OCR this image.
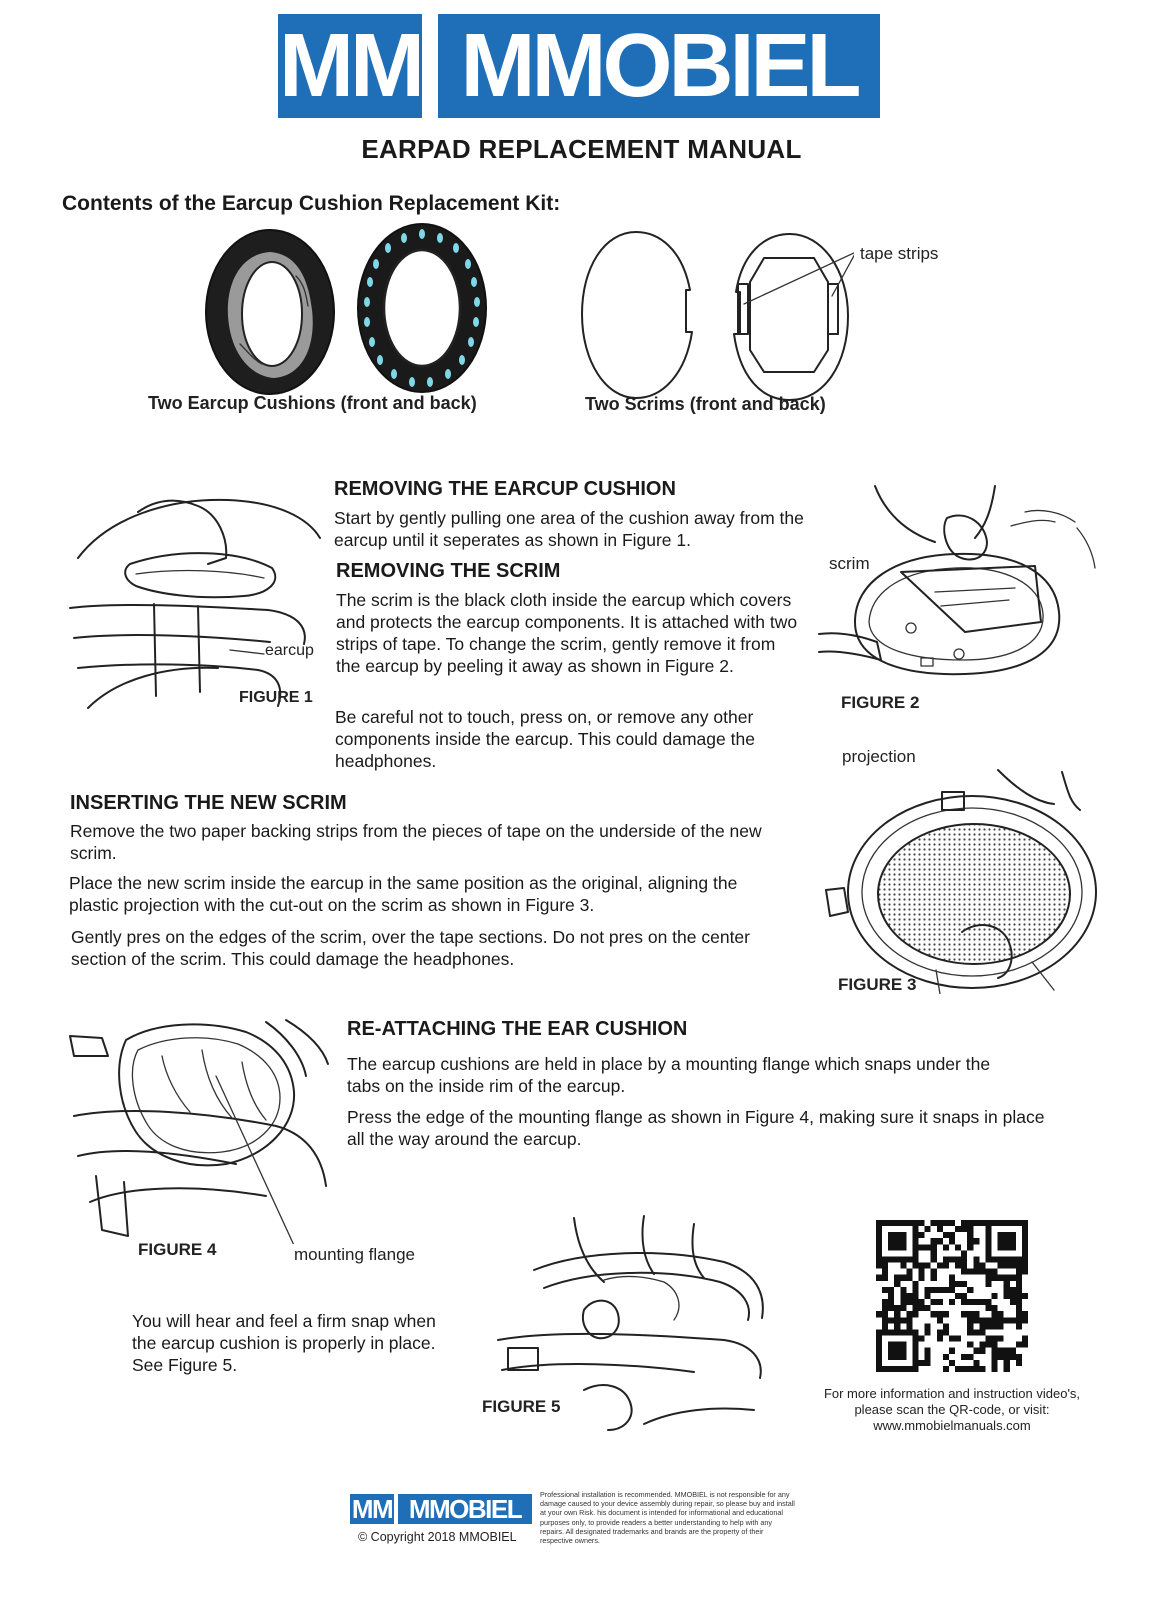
MM MMOBIEL
EARPAD REPLACEMENT MANUAL
Contents of the Earcup Cushion Replacement Kit:
Two Earcup Cushions (front and back)
tape strips
Two Scrims (front and back)
earcup
FIGURE 1
REMOVING THE EARCUP CUSHION

Start by gently pulling one area of the cushion away from the earcup until it seperates as shown in Figure 1.

REMOVING THE SCRIM

The scrim is the black cloth inside the earcup which covers and protects the earcup components. It is attached with two strips of tape. To change the scrim, gently remove it from the earcup by peeling it away as shown in Figure 2.

Be careful not to touch, press on, or remove any other components inside the earcup. This could damage the headphones.

scrim
FIGURE 2
INSERTING THE NEW SCRIM

Remove the two paper backing strips from the pieces of tape on the underside of the new scrim.

Place the new scrim inside the earcup in the same position as the original, aligning the plastic projection with the cut-out on the scrim as shown in Figure 3.

Gently pres on the edges of the scrim, over the tape sections. Do not pres on the center section of the scrim. This could damage the headphones.

projection
FIGURE 3
mounting flange
FIGURE 4
RE-ATTACHING THE EAR CUSHION

The earcup cushions are held in place by a mounting flange which snaps under the tabs on the inside rim of the earcup.

Press the edge of the mounting flange as shown in Figure 4, making sure it snaps in place all the way around the earcup.

You will hear and feel a firm snap when the earcup cushion is properly in place. See Figure 5.

FIGURE 5
For more information and instruction video's,
please scan the QR-code, or visit:
www.mmobielmanuals.com
MM MMOBIEL
© Copyright 2018 MMOBIEL
Professional installation is recommended. MMOBIEL is not responsible for any damage caused to your device assembly during repair, so please buy and install at your own Risk. his document is intended for informational and educational purposes only, to provide readers a better understanding to help with any repairs. All designated trademarks and brands are the property of their respective owners.
